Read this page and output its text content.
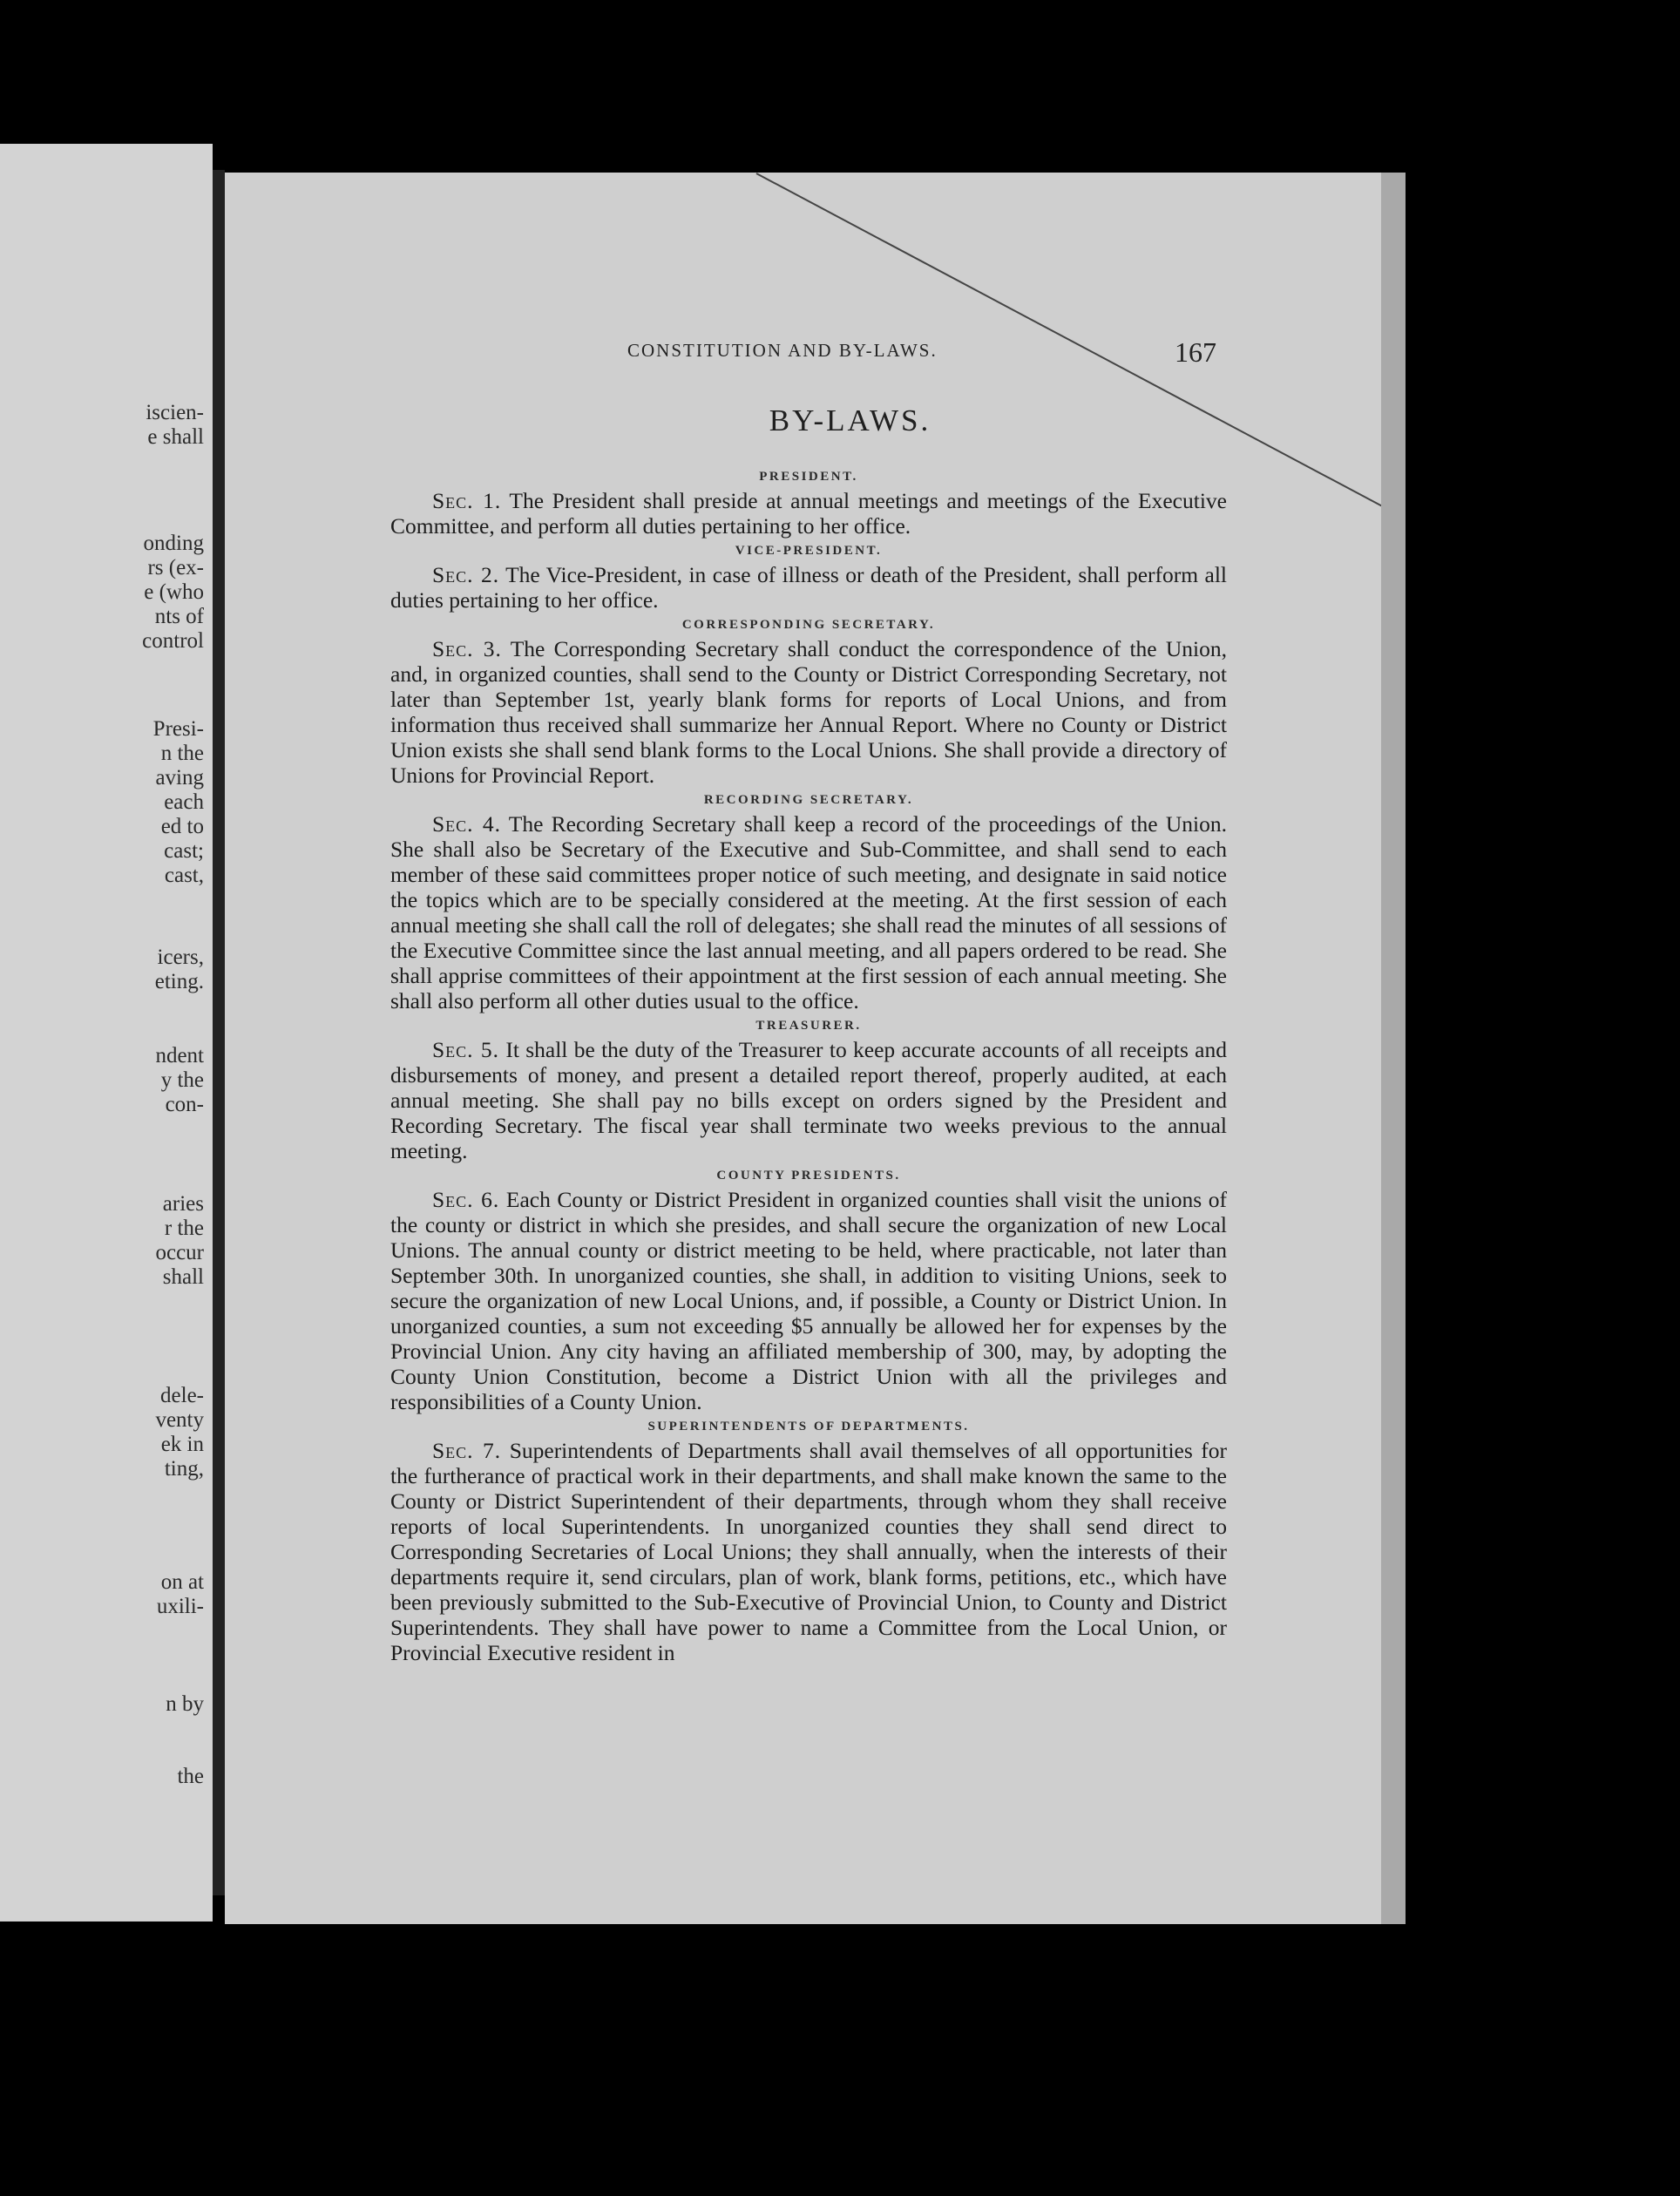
iscien-
e shall
onding
rs (ex-
e (who
nts of
control
Presi-
n the
aving
each
ed to
cast;
cast,
icers,
eting.
ndent
y the
con-
aries
r the
occur
shall
dele-
venty
ek in
ting,
on at
uxili-
n by
the
CONSTITUTION AND BY-LAWS.	167
BY-LAWS.
PRESIDENT.

Sec. 1. The President shall preside at annual meetings and meetings of the Executive Committee, and perform all duties pertaining to her office.

VICE-PRESIDENT.

Sec. 2. The Vice-President, in case of illness or death of the President, shall perform all duties pertaining to her office.

CORRESPONDING SECRETARY.

Sec. 3. The Corresponding Secretary shall conduct the correspondence of the Union, and, in organized counties, shall send to the County or District Corresponding Secretary, not later than September 1st, yearly blank forms for reports of Local Unions, and from information thus received shall summarize her Annual Report. Where no County or District Union exists she shall send blank forms to the Local Unions. She shall provide a directory of Unions for Provincial Report.

RECORDING SECRETARY.

Sec. 4. The Recording Secretary shall keep a record of the proceedings of the Union. She shall also be Secretary of the Executive and Sub-Committee, and shall send to each member of these said committees proper notice of such meeting, and designate in said notice the topics which are to be specially considered at the meeting. At the first session of each annual meeting she shall call the roll of delegates; she shall read the minutes of all sessions of the Executive Committee since the last annual meeting, and all papers ordered to be read. She shall apprise committees of their appointment at the first session of each annual meeting. She shall also perform all other duties usual to the office.

TREASURER.

Sec. 5. It shall be the duty of the Treasurer to keep accurate accounts of all receipts and disbursements of money, and present a detailed report thereof, properly audited, at each annual meeting. She shall pay no bills except on orders signed by the President and Recording Secretary. The fiscal year shall terminate two weeks previous to the annual meeting.

COUNTY PRESIDENTS.

Sec. 6. Each County or District President in organized counties shall visit the unions of the county or district in which she presides, and shall secure the organization of new Local Unions. The annual county or district meeting to be held, where practicable, not later than September 30th. In unorganized counties, she shall, in addition to visiting Unions, seek to secure the organization of new Local Unions, and, if possible, a County or District Union. In unorganized counties, a sum not exceeding $5 annually be allowed her for expenses by the Provincial Union. Any city having an affiliated membership of 300, may, by adopting the County Union Constitution, become a District Union with all the privileges and responsibilities of a County Union.

SUPERINTENDENTS OF DEPARTMENTS.

Sec. 7. Superintendents of Departments shall avail themselves of all opportunities for the furtherance of practical work in their departments, and shall make known the same to the County or District Superintendent of their departments, through whom they shall receive reports of local Superintendents. In unorganized counties they shall send direct to Corresponding Secretaries of Local Unions; they shall annually, when the interests of their departments require it, send circulars, plan of work, blank forms, petitions, etc., which have been previously submitted to the Sub-Executive of Provincial Union, to County and District Superintendents. They shall have power to name a Committee from the Local Union, or Provincial Executive resident in
